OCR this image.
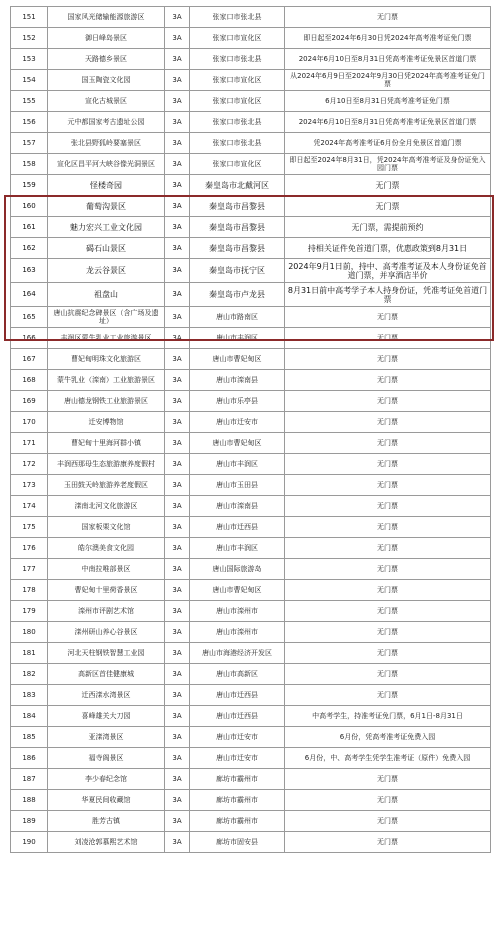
151	国家风光储输能源旅游区	3A	张家口市张北县	无门票
152	御日峰岛景区	3A	张家口市宣化区	即日起至2024年6月30日凭2024年高考准考证免门票
153	天路德乡景区	3A	张家口市张北县	2024年6月10日至8月31日凭高考准考证免景区首道门票
154	国玉陶瓷文化园	3A	张家口市宣化区	从2024年6月9日至2024年9月30日凭2024年高考准考证免门票
155	宣化古城景区	3A	张家口市宣化区	6月10日至8月31日凭高考准考证免门票
156	元中都国家考古遗址公园	3A	张家口市张北县	2024年6月10日至8月31日凭高考准考证免景区首道门票
157	张北县野狐岭要塞景区	3A	张家口市张北县	凭2024年高考准考证6月份全月免景区首道门票
158	宣化区昌平河大峡谷像光洞景区	3A	张家口市宣化区	即日起至2024年8月31日，凭2024年高考准考证及身份证免入园门票
159	怪楼奇园	3A	秦皇岛市北戴河区	无门票
160	葡萄沟景区	3A	秦皇岛市昌黎县	无门票
161	魅力宏兴工业文化园	3A	秦皇岛市昌黎县	无门票，需提前预约
162	碣石山景区	3A	秦皇岛市昌黎县	持相关证件免首道门票，优惠政策到8月31日
163	龙云谷景区	3A	秦皇岛市抚宁区	2024年9月1日前，持中、高考准考证及本人身份证免首道门票，并享酒店半价
164	祖盘山	3A	秦皇岛市卢龙县	8月31日前中高考学子本人持身份证，凭准考证免首道门票
165	唐山抗震纪念碑景区（含广场及遗址）	3A	唐山市路南区	无门票
166	丰润区蒙牛乳业工业旅游景区	3A	唐山市丰润区	无门票
167	曹妃甸明珠文化旅游区	3A	唐山市曹妃甸区	无门票
168	蒙牛乳业（滦南）工业旅游景区	3A	唐山市滦南县	无门票
169	唐山德龙钢铁工业旅游景区	3A	唐山市乐亭县	无门票
170	迁安博物馆	3A	唐山市迁安市	无门票
171	曹妃甸十里海河群小镇	3A	唐山市曹妃甸区	无门票
172	丰润西那母生态旅游康养度假村	3A	唐山市丰润区	无门票
173	玉田鼓天岭旅游养老度假区	3A	唐山市玉田县	无门票
174	滦南北河文化旅游区	3A	唐山市滦南县	无门票
175	国家板栗文化馆	3A	唐山市迁西县	无门票
176	皓尔澳美食文化园	3A	唐山市丰润区	无门票
177	中南拉唯部景区	3A	唐山国际旅游岛	无门票
178	曹妃甸十里荷香景区	3A	唐山市曹妃甸区	无门票
179	滦州市评剧艺术馆	3A	唐山市滦州市	无门票
180	滦州研山养心谷景区	3A	唐山市滦州市	无门票
181	河北天柱钢铁智慧工业园	3A	唐山市海港经济开发区	无门票
182	高新区首佳健康城	3A	唐山市高新区	无门票
183	迁西滦水湾景区	3A	唐山市迁西县	无门票
184	喜峰雄关大刀园	3A	唐山市迁西县	中高考学生，持准考证免门票，6月1日-8月31日
185	亚滦湾景区	3A	唐山市迁安市	6月份，凭高考准考证免费入园
186	福寺阁景区	3A	唐山市迁安市	6月份，中、高考学生凭学生准考证（原件）免费入园
187	李少春纪念馆	3A	廊坊市霸州市	无门票
188	华夏民间收藏馆	3A	廊坊市霸州市	无门票
189	胜芳古镇	3A	廊坊市霸州市	无门票
190	刘凌沧郭慕熙艺术馆	3A	廊坊市固安县	无门票
